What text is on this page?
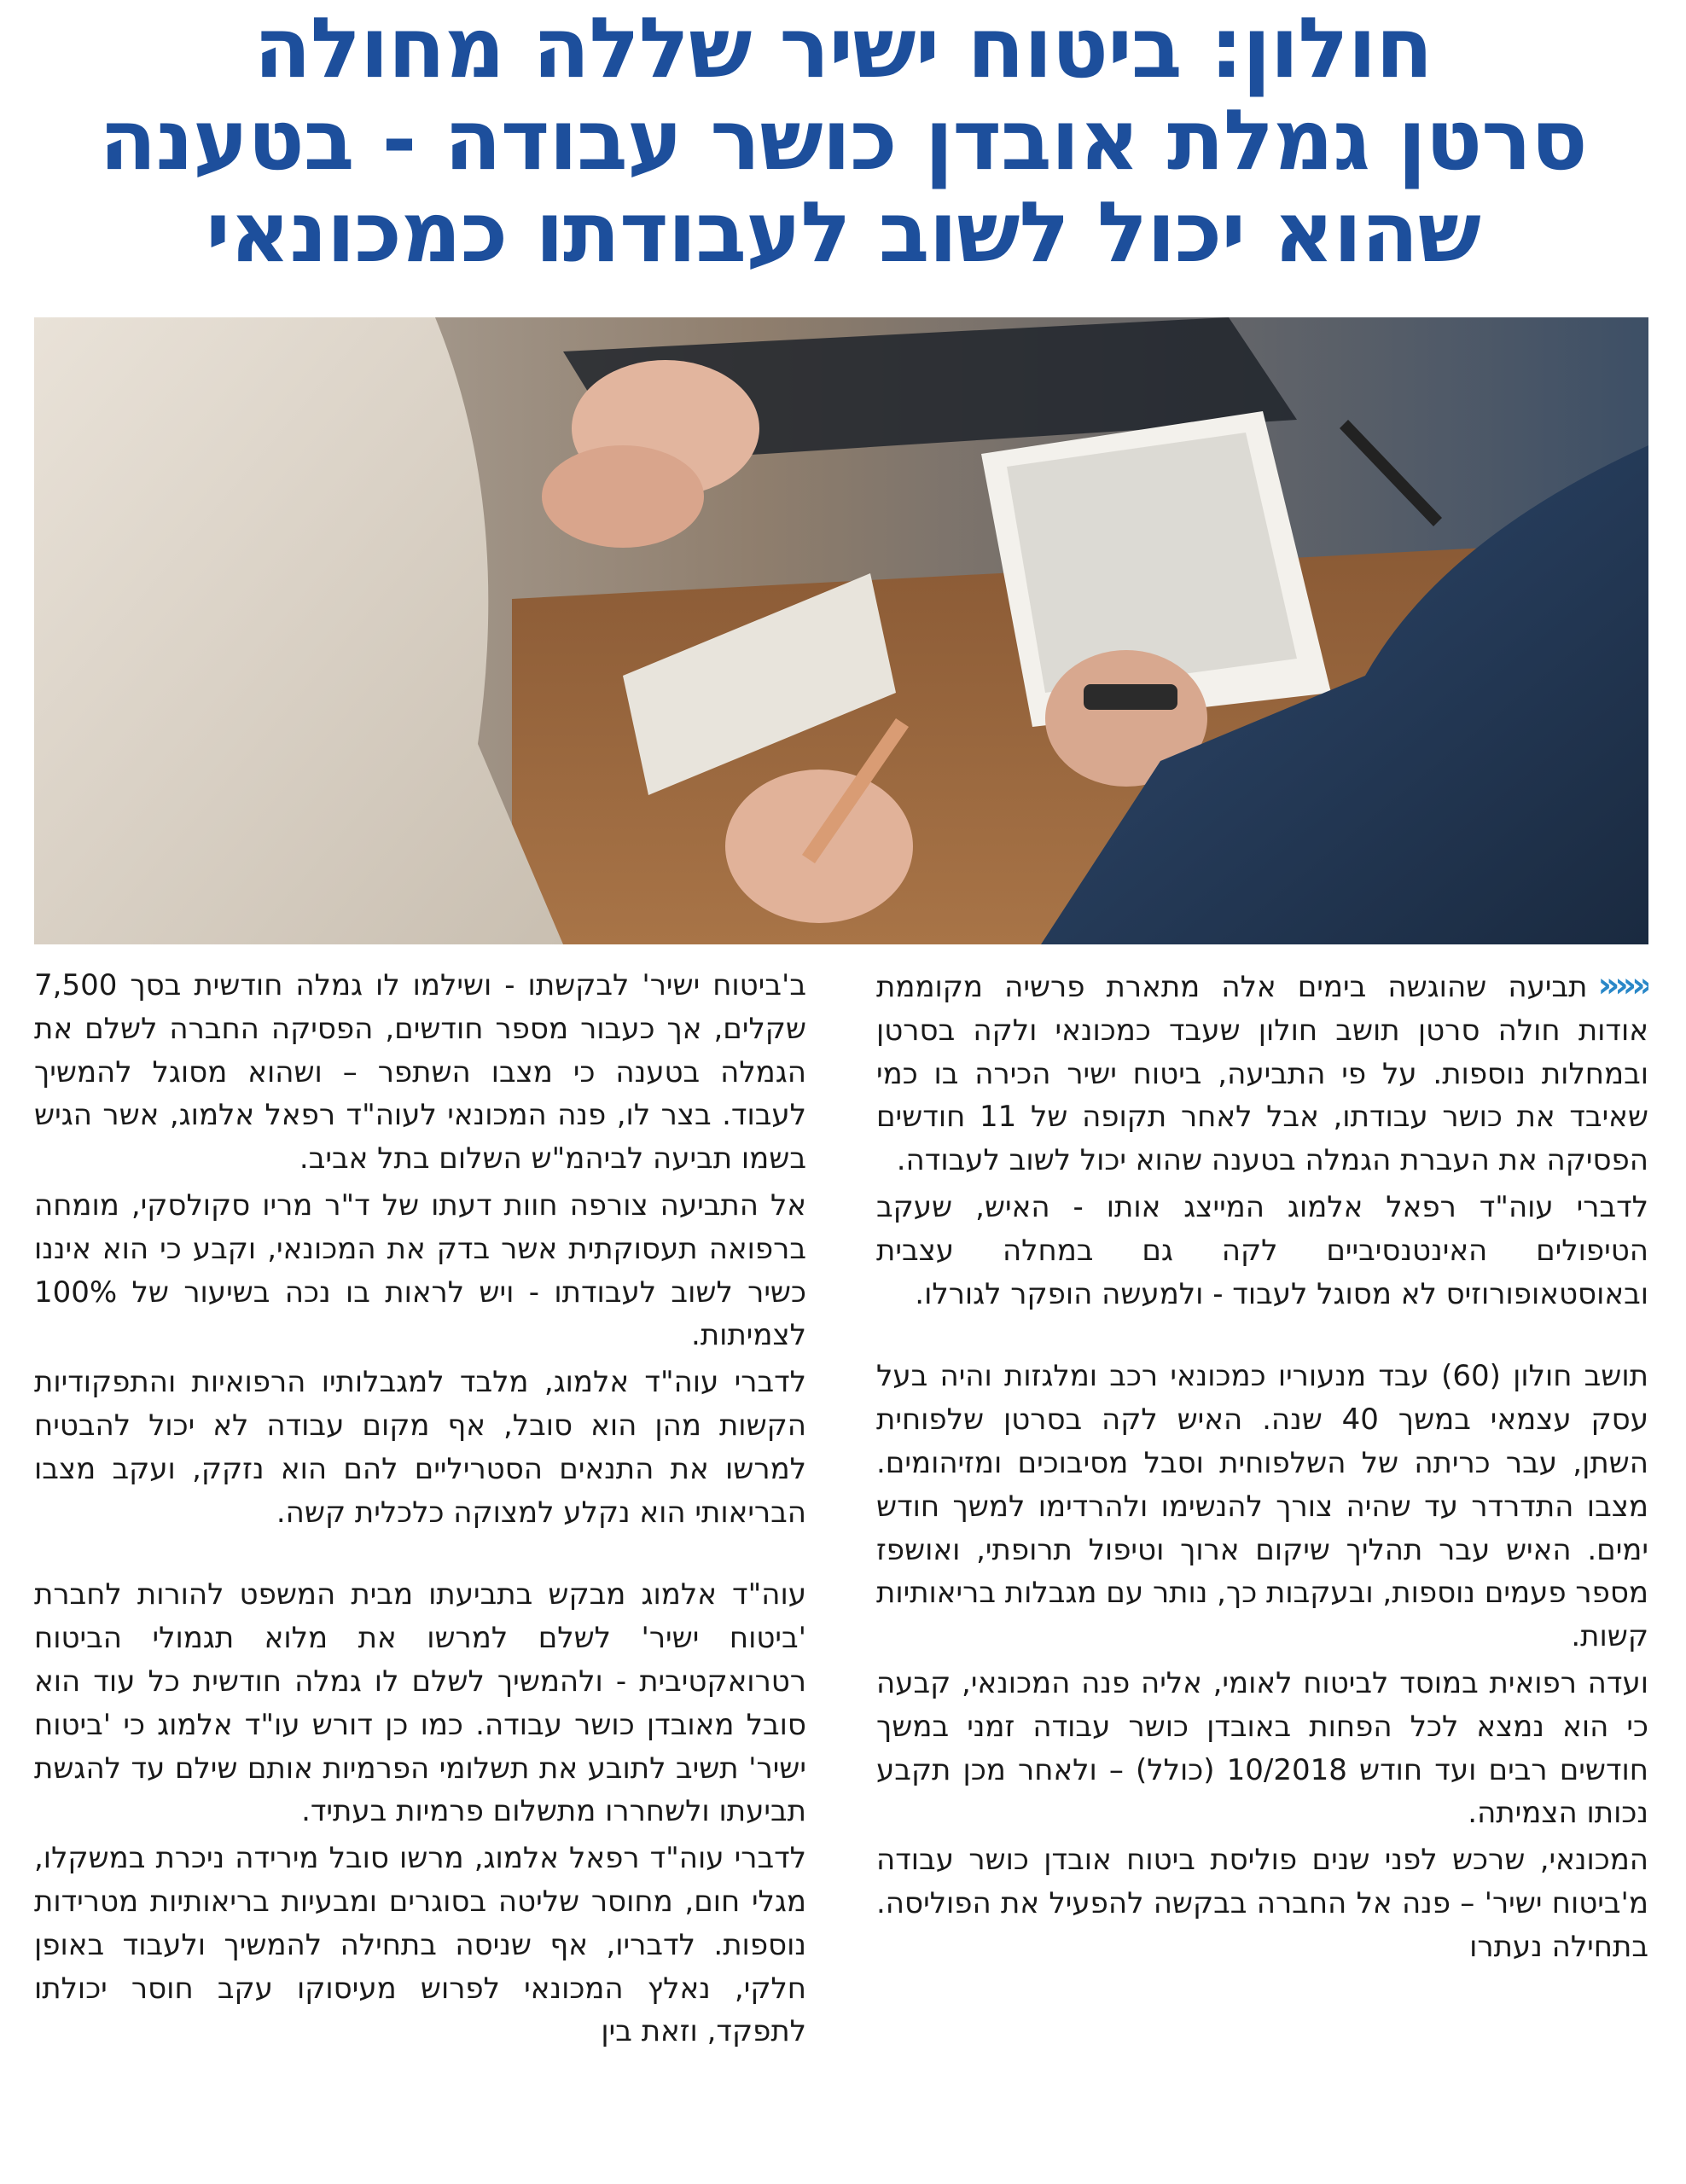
חולון: ביטוח ישיר שללה מחולה
סרטן גמלת אובדן כושר עבודה - בטענה
שהוא יכול לשוב לעבודתו כמכונאי

«««תביעה שהוגשה בימים אלה מתארת פרשיה מקוממת אודות חולה סרטן תושב חולון שעבד כמכונאי ולקה בסרטן ובמחלות נוספות. על פי התביעה, ביטוח ישיר הכירה בו כמי שאיבד את כושר עבודתו, אבל לאחר תקופה של 11 חודשים הפסיקה את העברת הגמלה בטענה שהוא יכול לשוב לעבודה.

לדברי עוה"ד רפאל אלמוג המייצג אותו - האיש, שעקב הטיפולים האינטנסיביים לקה גם במחלה עצבית ובאוסטאופורוזיס לא מסוגל לעבוד - ולמעשה הופקר לגורלו.

תושב חולון (60) עבד מנעוריו כמכונאי רכב ומלגזות והיה בעל עסק עצמאי במשך 40 שנה. האיש לקה בסרטן שלפוחית השתן, עבר כריתה של השלפוחית וסבל מסיבוכים ומזיהומים. מצבו התדרדר עד שהיה צורך להנשימו ולהרדימו למשך חודש ימים. האיש עבר תהליך שיקום ארוך וטיפול תרופתי, ואושפז מספר פעמים נוספות, ובעקבות כך, נותר עם מגבלות בריאותיות קשות.

ועדה רפואית במוסד לביטוח לאומי, אליה פנה המכונאי, קבעה כי הוא נמצא לכל הפחות באובדן כושר עבודה זמני במשך חודשים רבים ועד חודש 10/2018 (כולל) – ולאחר מכן תקבע נכותו הצמיתה.

המכונאי, שרכש לפני שנים פוליסת ביטוח אובדן כושר עבודה מ'ביטוח ישיר' – פנה אל החברה בבקשה להפעיל את הפוליסה. בתחילה נעתרו

ב'ביטוח ישיר' לבקשתו - ושילמו לו גמלה חודשית בסך 7,500 שקלים, אך כעבור מספר חודשים, הפסיקה החברה לשלם את הגמלה בטענה כי מצבו השתפר – ושהוא מסוגל להמשיך לעבוד. בצר לו, פנה המכונאי לעוה"ד רפאל אלמוג, אשר הגיש בשמו תביעה לביהמ"ש השלום בתל אביב.

אל התביעה צורפה חוות דעתו של ד"ר מריו סקולסקי, מומחה ברפואה תעסוקתית אשר בדק את המכונאי, וקבע כי הוא איננו כשיר לשוב לעבודתו - ויש לראות בו נכה בשיעור של 100% לצמיתות.

לדברי עוה"ד אלמוג, מלבד למגבלותיו הרפואיות והתפקודיות הקשות מהן הוא סובל, אף מקום עבודה לא יכול להבטיח למרשו את התנאים הסטריליים להם הוא נזקק, ועקב מצבו הבריאותי הוא נקלע למצוקה כלכלית קשה.

עוה"ד אלמוג מבקש בתביעתו מבית המשפט להורות לחברת 'ביטוח ישיר' לשלם למרשו את מלוא תגמולי הביטוח רטרואקטיבית - ולהמשיך לשלם לו גמלה חודשית כל עוד הוא סובל מאובדן כושר עבודה. כמו כן דורש עו"ד אלמוג כי 'ביטוח ישיר' תשיב לתובע את תשלומי הפרמיות אותם שילם עד להגשת תביעתו ולשחררו מתשלום פרמיות בעתיד.

לדברי עוה"ד רפאל אלמוג, מרשו סובל מירידה ניכרת במשקלו, מגלי חום, מחוסר שליטה בסוגרים ומבעיות בריאותיות מטרידות נוספות. לדבריו, אף שניסה בתחילה להמשיך ולעבוד באופן חלקי, נאלץ המכונאי לפרוש מעיסוקו עקב חוסר יכולתו לתפקד, וזאת בין
